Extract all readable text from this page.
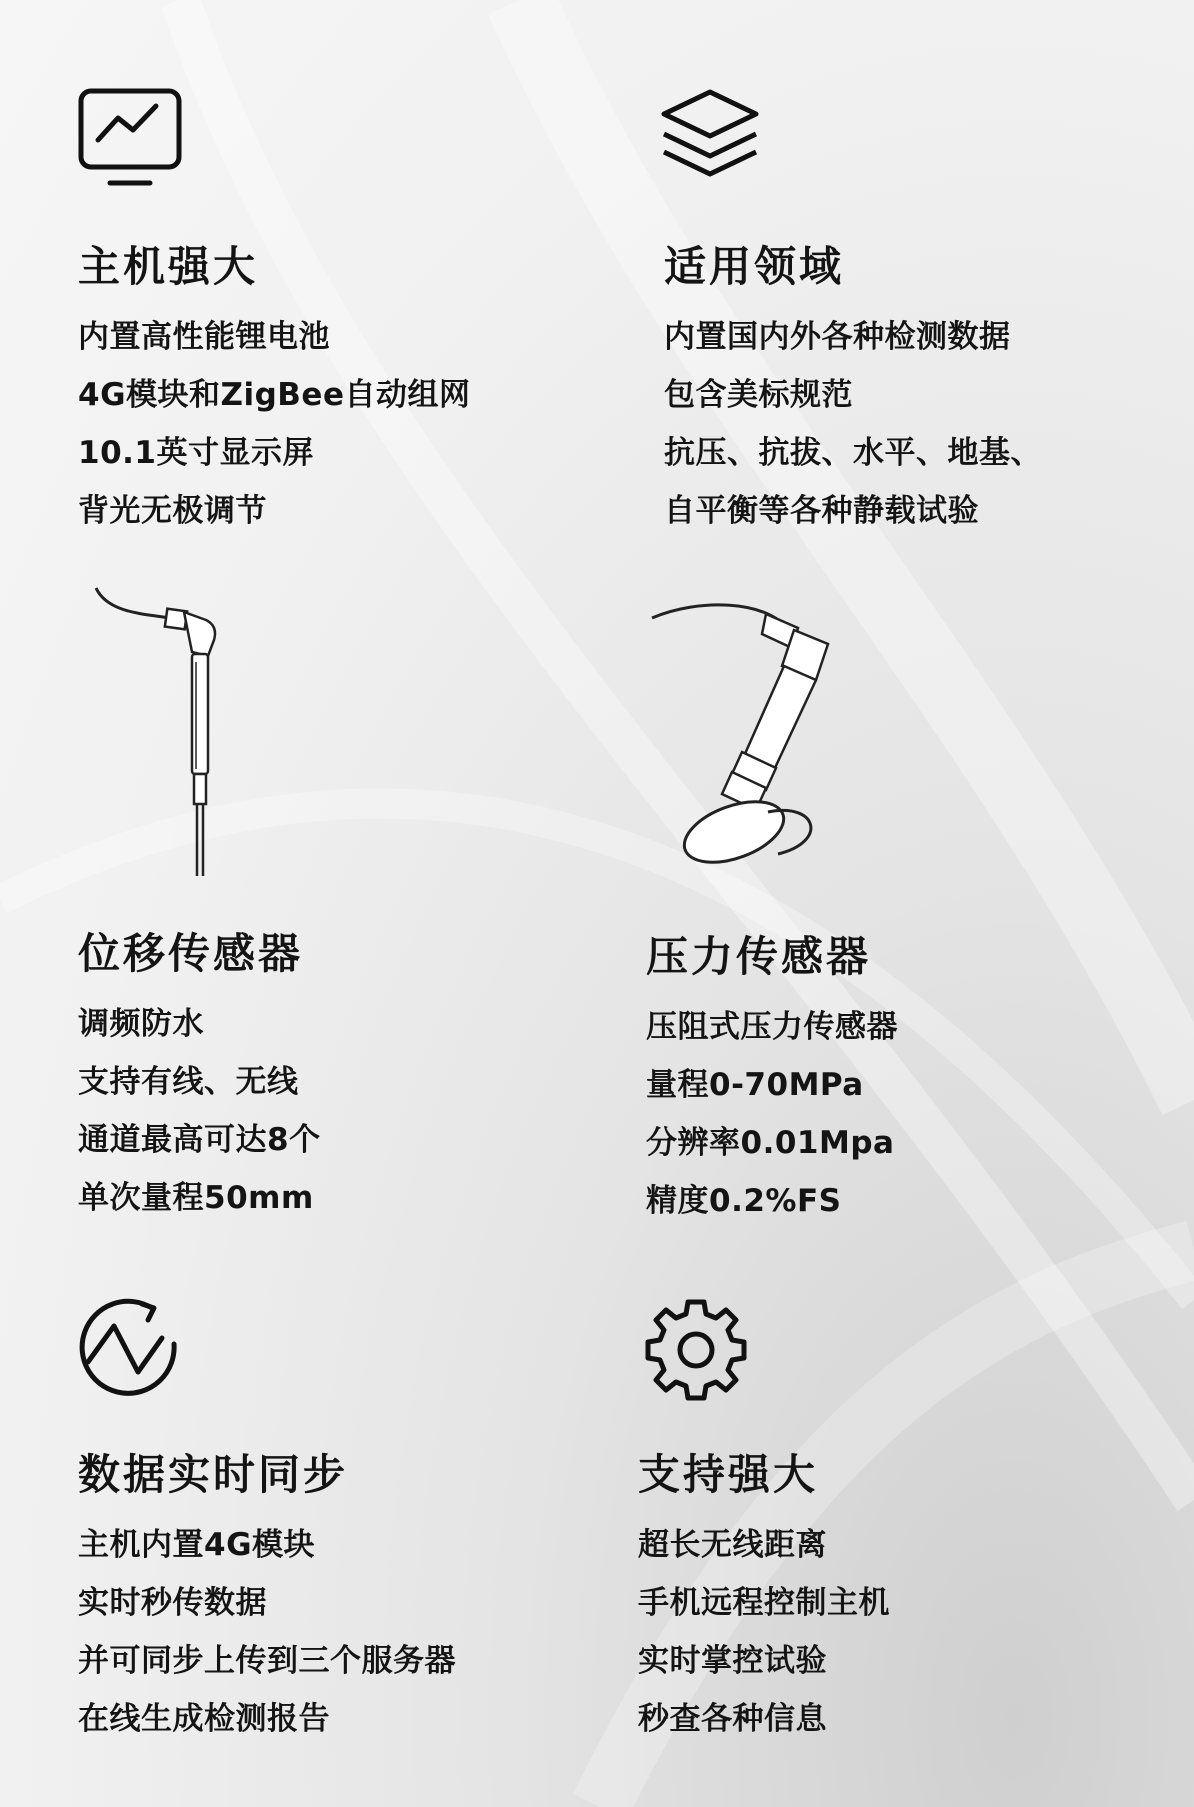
主机强大
内置高性能锂电池
4G模块和ZigBee自动组网
10.1英寸显示屏
背光无极调节
适用领域
内置国内外各种检测数据
包含美标规范
抗压、抗拔、水平、地基、
自平衡等各种静载试验
位移传感器
调频防水
支持有线、无线
通道最高可达8个
单次量程50mm
压力传感器
压阻式压力传感器
量程0-70MPa
分辨率0.01Mpa
精度0.2%FS
数据实时同步
主机内置4G模块
实时秒传数据
并可同步上传到三个服务器
在线生成检测报告
支持强大
超长无线距离
手机远程控制主机
实时掌控试验
秒查各种信息
